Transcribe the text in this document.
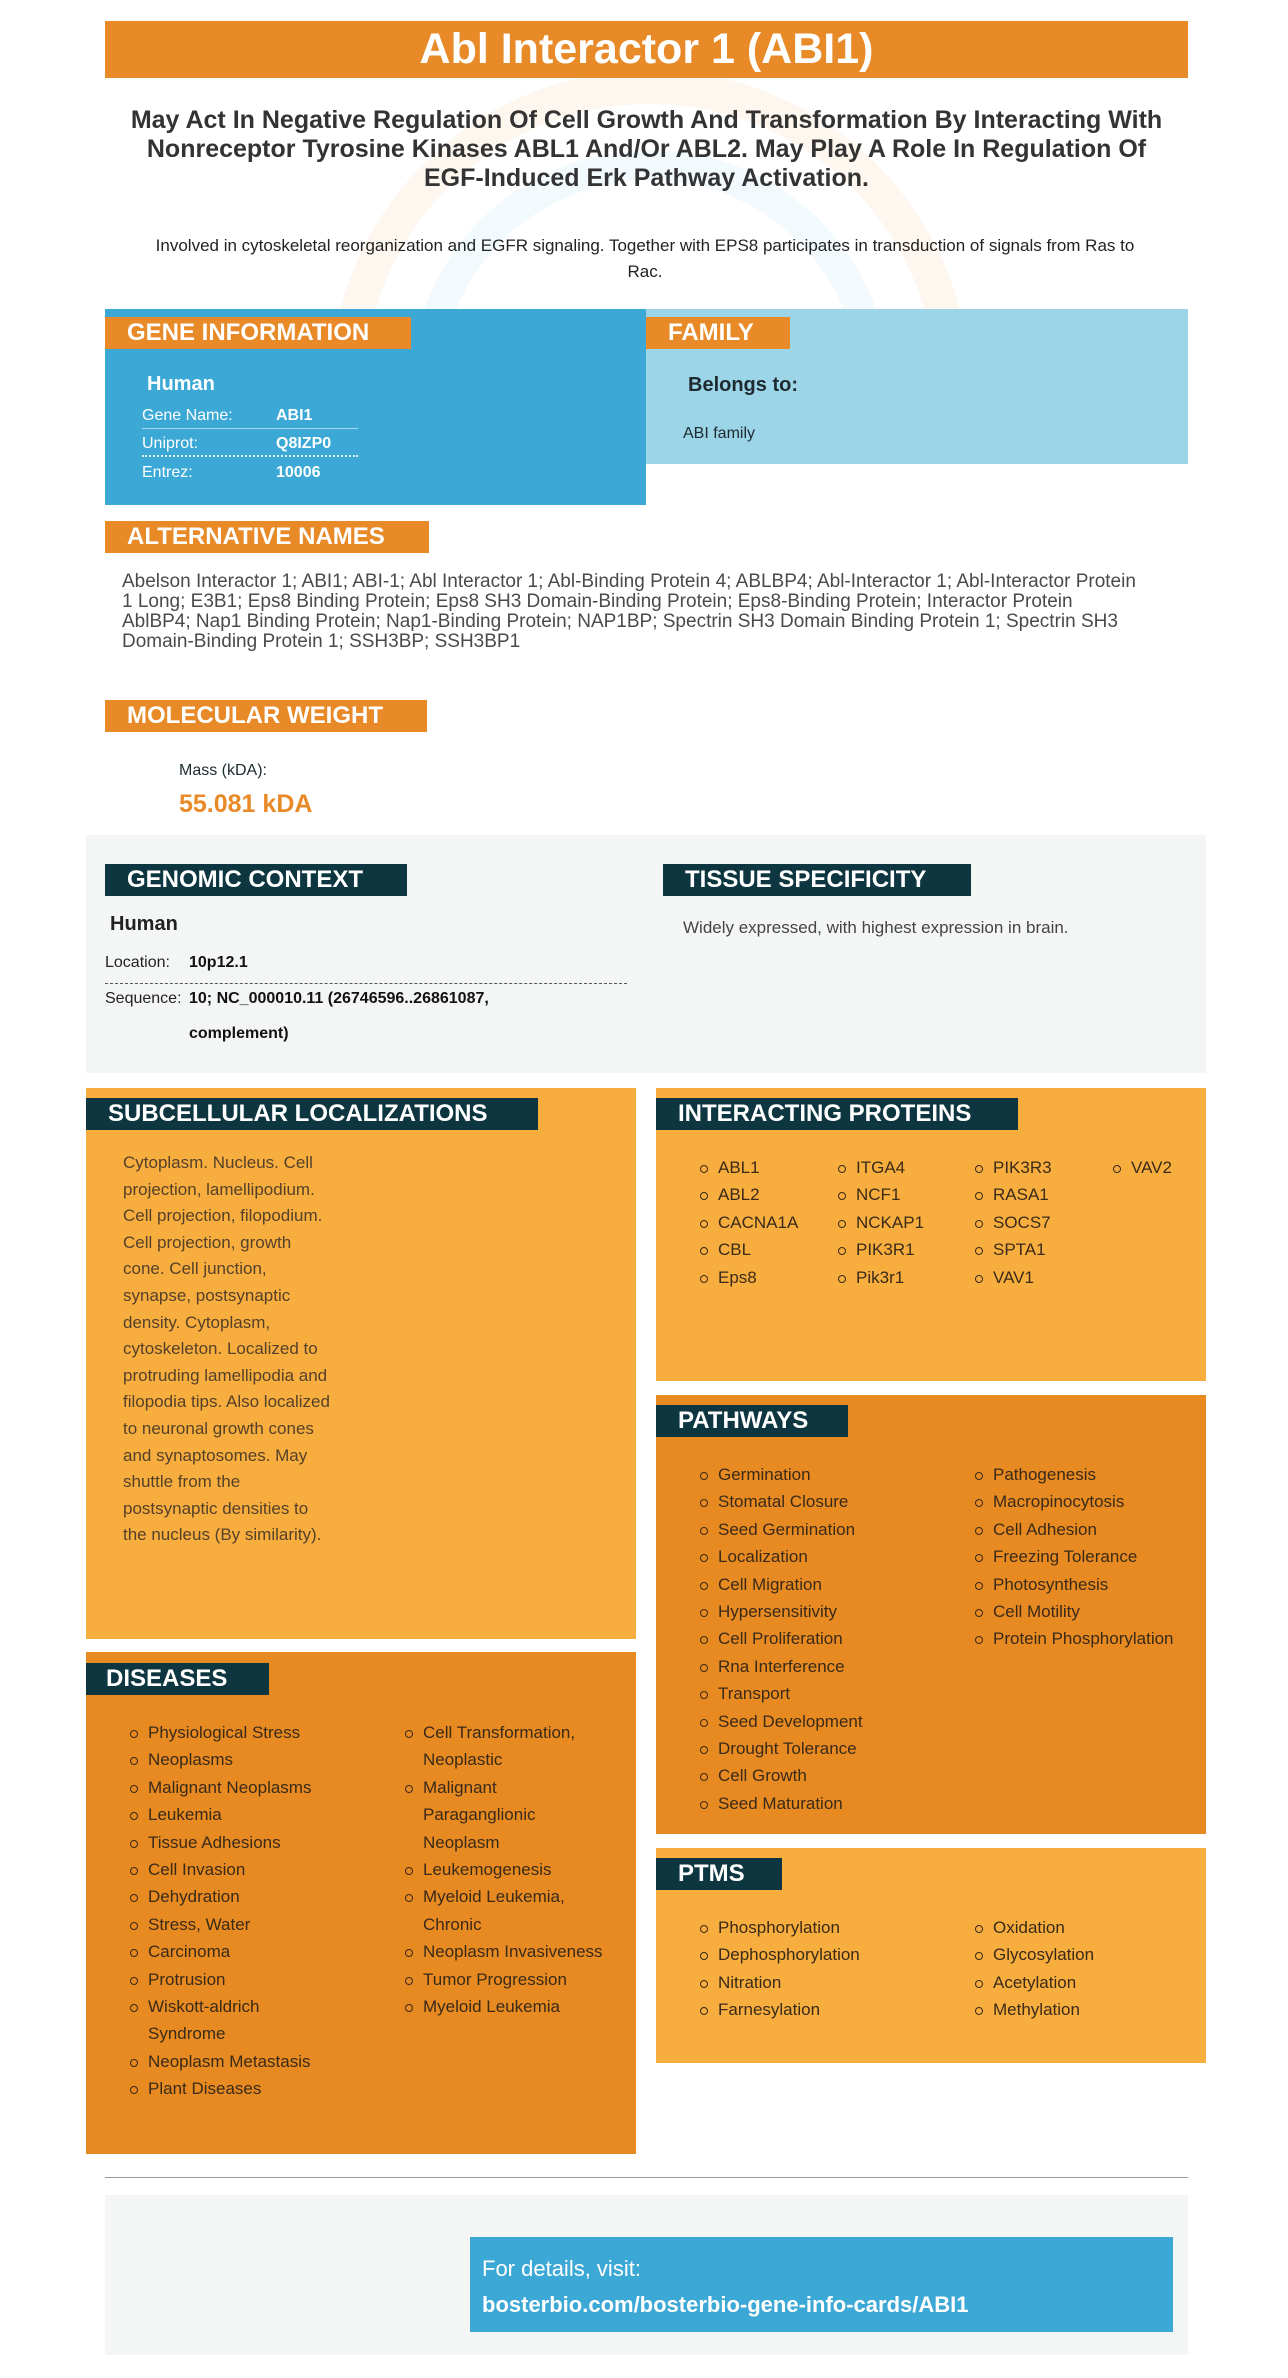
Abl Interactor 1 (ABI1)
May Act In Negative Regulation Of Cell Growth And Transformation By Interacting With Nonreceptor Tyrosine Kinases ABL1 And/Or ABL2. May Play A Role In Regulation Of EGF-Induced Erk Pathway Activation.
Involved in cytoskeletal reorganization and EGFR signaling. Together with EPS8 participates in transduction of signals from Ras to Rac.
Human
Gene Name:	ABI1
Uniprot:	Q8IZP0
Entrez:	10006
GENE INFORMATION
Belongs to:
ABI family
FAMILY
ALTERNATIVE NAMES
Abelson Interactor 1; ABI1; ABI-1; Abl Interactor 1; Abl-Binding Protein 4; ABLBP4; Abl-Interactor 1; Abl-Interactor Protein 1 Long; E3B1; Eps8 Binding Protein; Eps8 SH3 Domain-Binding Protein; Eps8-Binding Protein; Interactor Protein AblBP4; Nap1 Binding Protein; Nap1-Binding Protein; NAP1BP; Spectrin SH3 Domain Binding Protein 1; Spectrin SH3 Domain-Binding Protein 1; SSH3BP; SSH3BP1
MOLECULAR WEIGHT
Mass (kDA):
55.081 kDA
GENOMIC CONTEXT
Human
Location: 10p12.1
Sequence: 10; NC_000010.11 (26746596..26861087, complement)
TISSUE SPECIFICITY
Widely expressed, with highest expression in brain.
SUBCELLULAR LOCALIZATIONS
Cytoplasm. Nucleus. Cell projection, lamellipodium. Cell projection, filopodium. Cell projection, growth cone. Cell junction, synapse, postsynaptic density. Cytoplasm, cytoskeleton. Localized to protruding lamellipodia and filopodia tips. Also localized to neuronal growth cones and synaptosomes. May shuttle from the postsynaptic densities to the nucleus (By similarity).
INTERACTING PROTEINS
ABL1
ABL2
CACNA1A
CBL
Eps8
ITGA4
NCF1
NCKAP1
PIK3R1
Pik3r1
PIK3R3
RASA1
SOCS7
SPTA1
VAV1
VAV2
PATHWAYS
Germination
Stomatal Closure
Seed Germination
Localization
Cell Migration
Hypersensitivity
Cell Proliferation
Rna Interference
Transport
Seed Development
Drought Tolerance
Cell Growth
Seed Maturation
Pathogenesis
Macropinocytosis
Cell Adhesion
Freezing Tolerance
Photosynthesis
Cell Motility
Protein Phosphorylation
DISEASES
Physiological Stress
Neoplasms
Malignant Neoplasms
Leukemia
Tissue Adhesions
Cell Invasion
Dehydration
Stress, Water
Carcinoma
Protrusion
Wiskott-aldrich Syndrome
Neoplasm Metastasis
Plant Diseases
Cell Transformation, Neoplastic
Malignant Paraganglionic Neoplasm
Leukemogenesis
Myeloid Leukemia, Chronic
Neoplasm Invasiveness
Tumor Progression
Myeloid Leukemia
PTMS
Phosphorylation
Dephosphorylation
Nitration
Farnesylation
Oxidation
Glycosylation
Acetylation
Methylation
For details, visit:
bosterbio.com/bosterbio-gene-info-cards/ABI1
